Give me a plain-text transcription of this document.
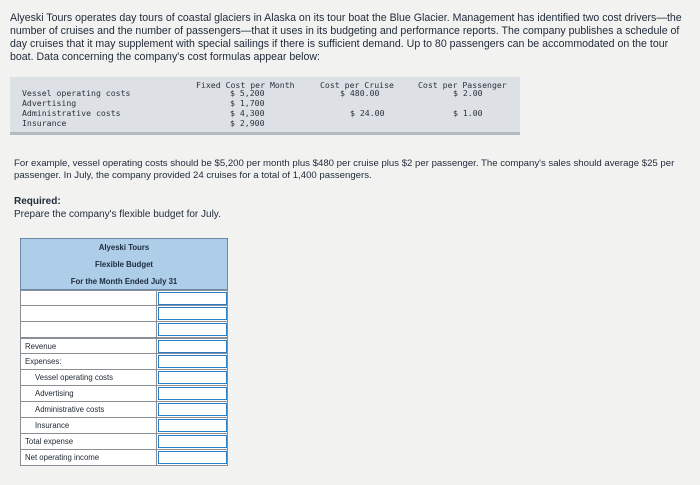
Alyeski Tours operates day tours of coastal glaciers in Alaska on its tour boat the Blue Glacier. Management has identified two cost drivers—the number of cruises and the number of passengers—that it uses in its budgeting and performance reports. The company publishes a schedule of day cruises that it may supplement with special sailings if there is sufficient demand. Up to 80 passengers can be accommodated on the tour boat. Data concerning the company's cost formulas appear below:
Fixed Cost per Month	Cost per Cruise	Cost per Passenger
Vessel operating costs	$ 5,200	$ 480.00	$ 2.00
Advertising	$ 1,700
Administrative costs	$ 4,300	$ 24.00	$ 1.00
Insurance	$ 2,900
For example, vessel operating costs should be $5,200 per month plus $480 per cruise plus $2 per passenger. The company's sales should average $25 per passenger. In July, the company provided 24 cruises for a total of 1,400 passengers.
Required:
Prepare the company's flexible budget for July.
Alyeski Tours
Flexible Budget
For the Month Ended July 31
Revenue
Expenses:
Vessel operating costs
Advertising
Administrative costs
Insurance
Total expense
Net operating income
